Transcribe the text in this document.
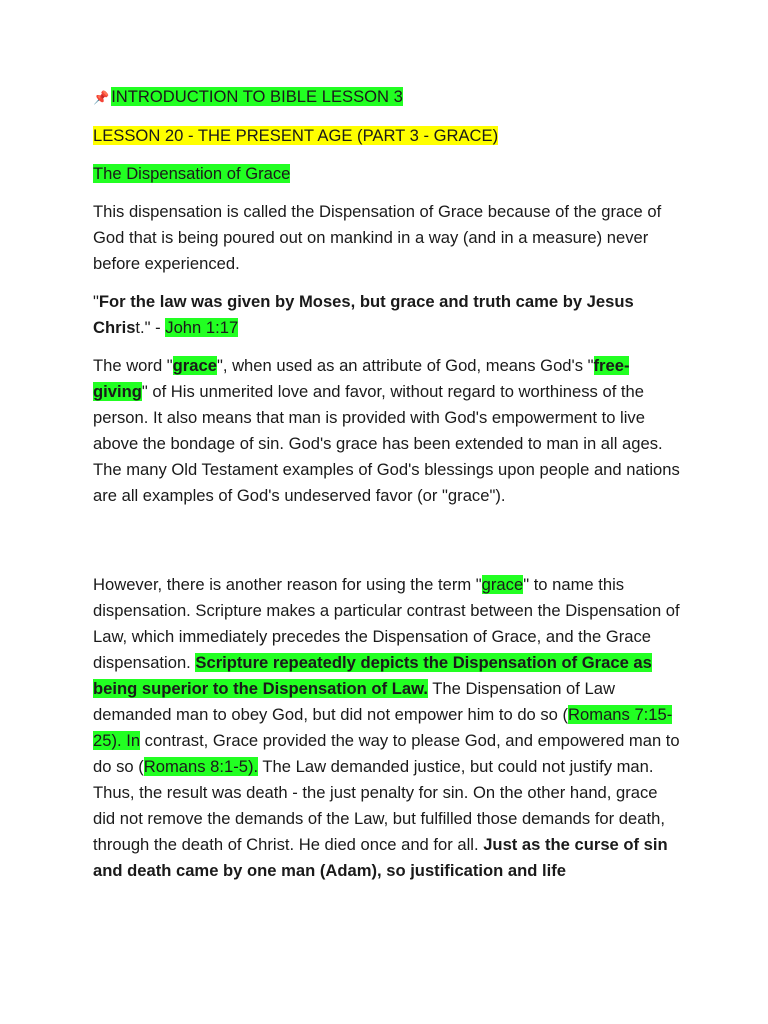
📌 INTRODUCTION TO BIBLE LESSON 3

LESSON 20 - THE PRESENT AGE (PART 3 - GRACE)

The Dispensation of Grace

This dispensation is called the Dispensation of Grace because of the grace of God that is being poured out on mankind in a way (and in a measure) never before experienced.

"For the law was given by Moses, but grace and truth came by Jesus Christ." - John 1:17

The word "grace", when used as an attribute of God, means God's "free-giving" of His unmerited love and favor, without regard to worthiness of the person. It also means that man is provided with God's empowerment to live above the bondage of sin. God's grace has been extended to man in all ages. The many Old Testament examples of God's blessings upon people and nations are all examples of God's undeserved favor (or "grace").

However, there is another reason for using the term "grace" to name this dispensation. Scripture makes a particular contrast between the Dispensation of Law, which immediately precedes the Dispensation of Grace, and the Grace dispensation. Scripture repeatedly depicts the Dispensation of Grace as being superior to the Dispensation of Law. The Dispensation of Law demanded man to obey God, but did not empower him to do so (Romans 7:15-25). In contrast, Grace provided the way to please God, and empowered man to do so (Romans 8:1-5). The Law demanded justice, but could not justify man. Thus, the result was death - the just penalty for sin. On the other hand, grace did not remove the demands of the Law, but fulfilled those demands for death, through the death of Christ. He died once and for all. Just as the curse of sin and death came by one man (Adam), so justification and life
